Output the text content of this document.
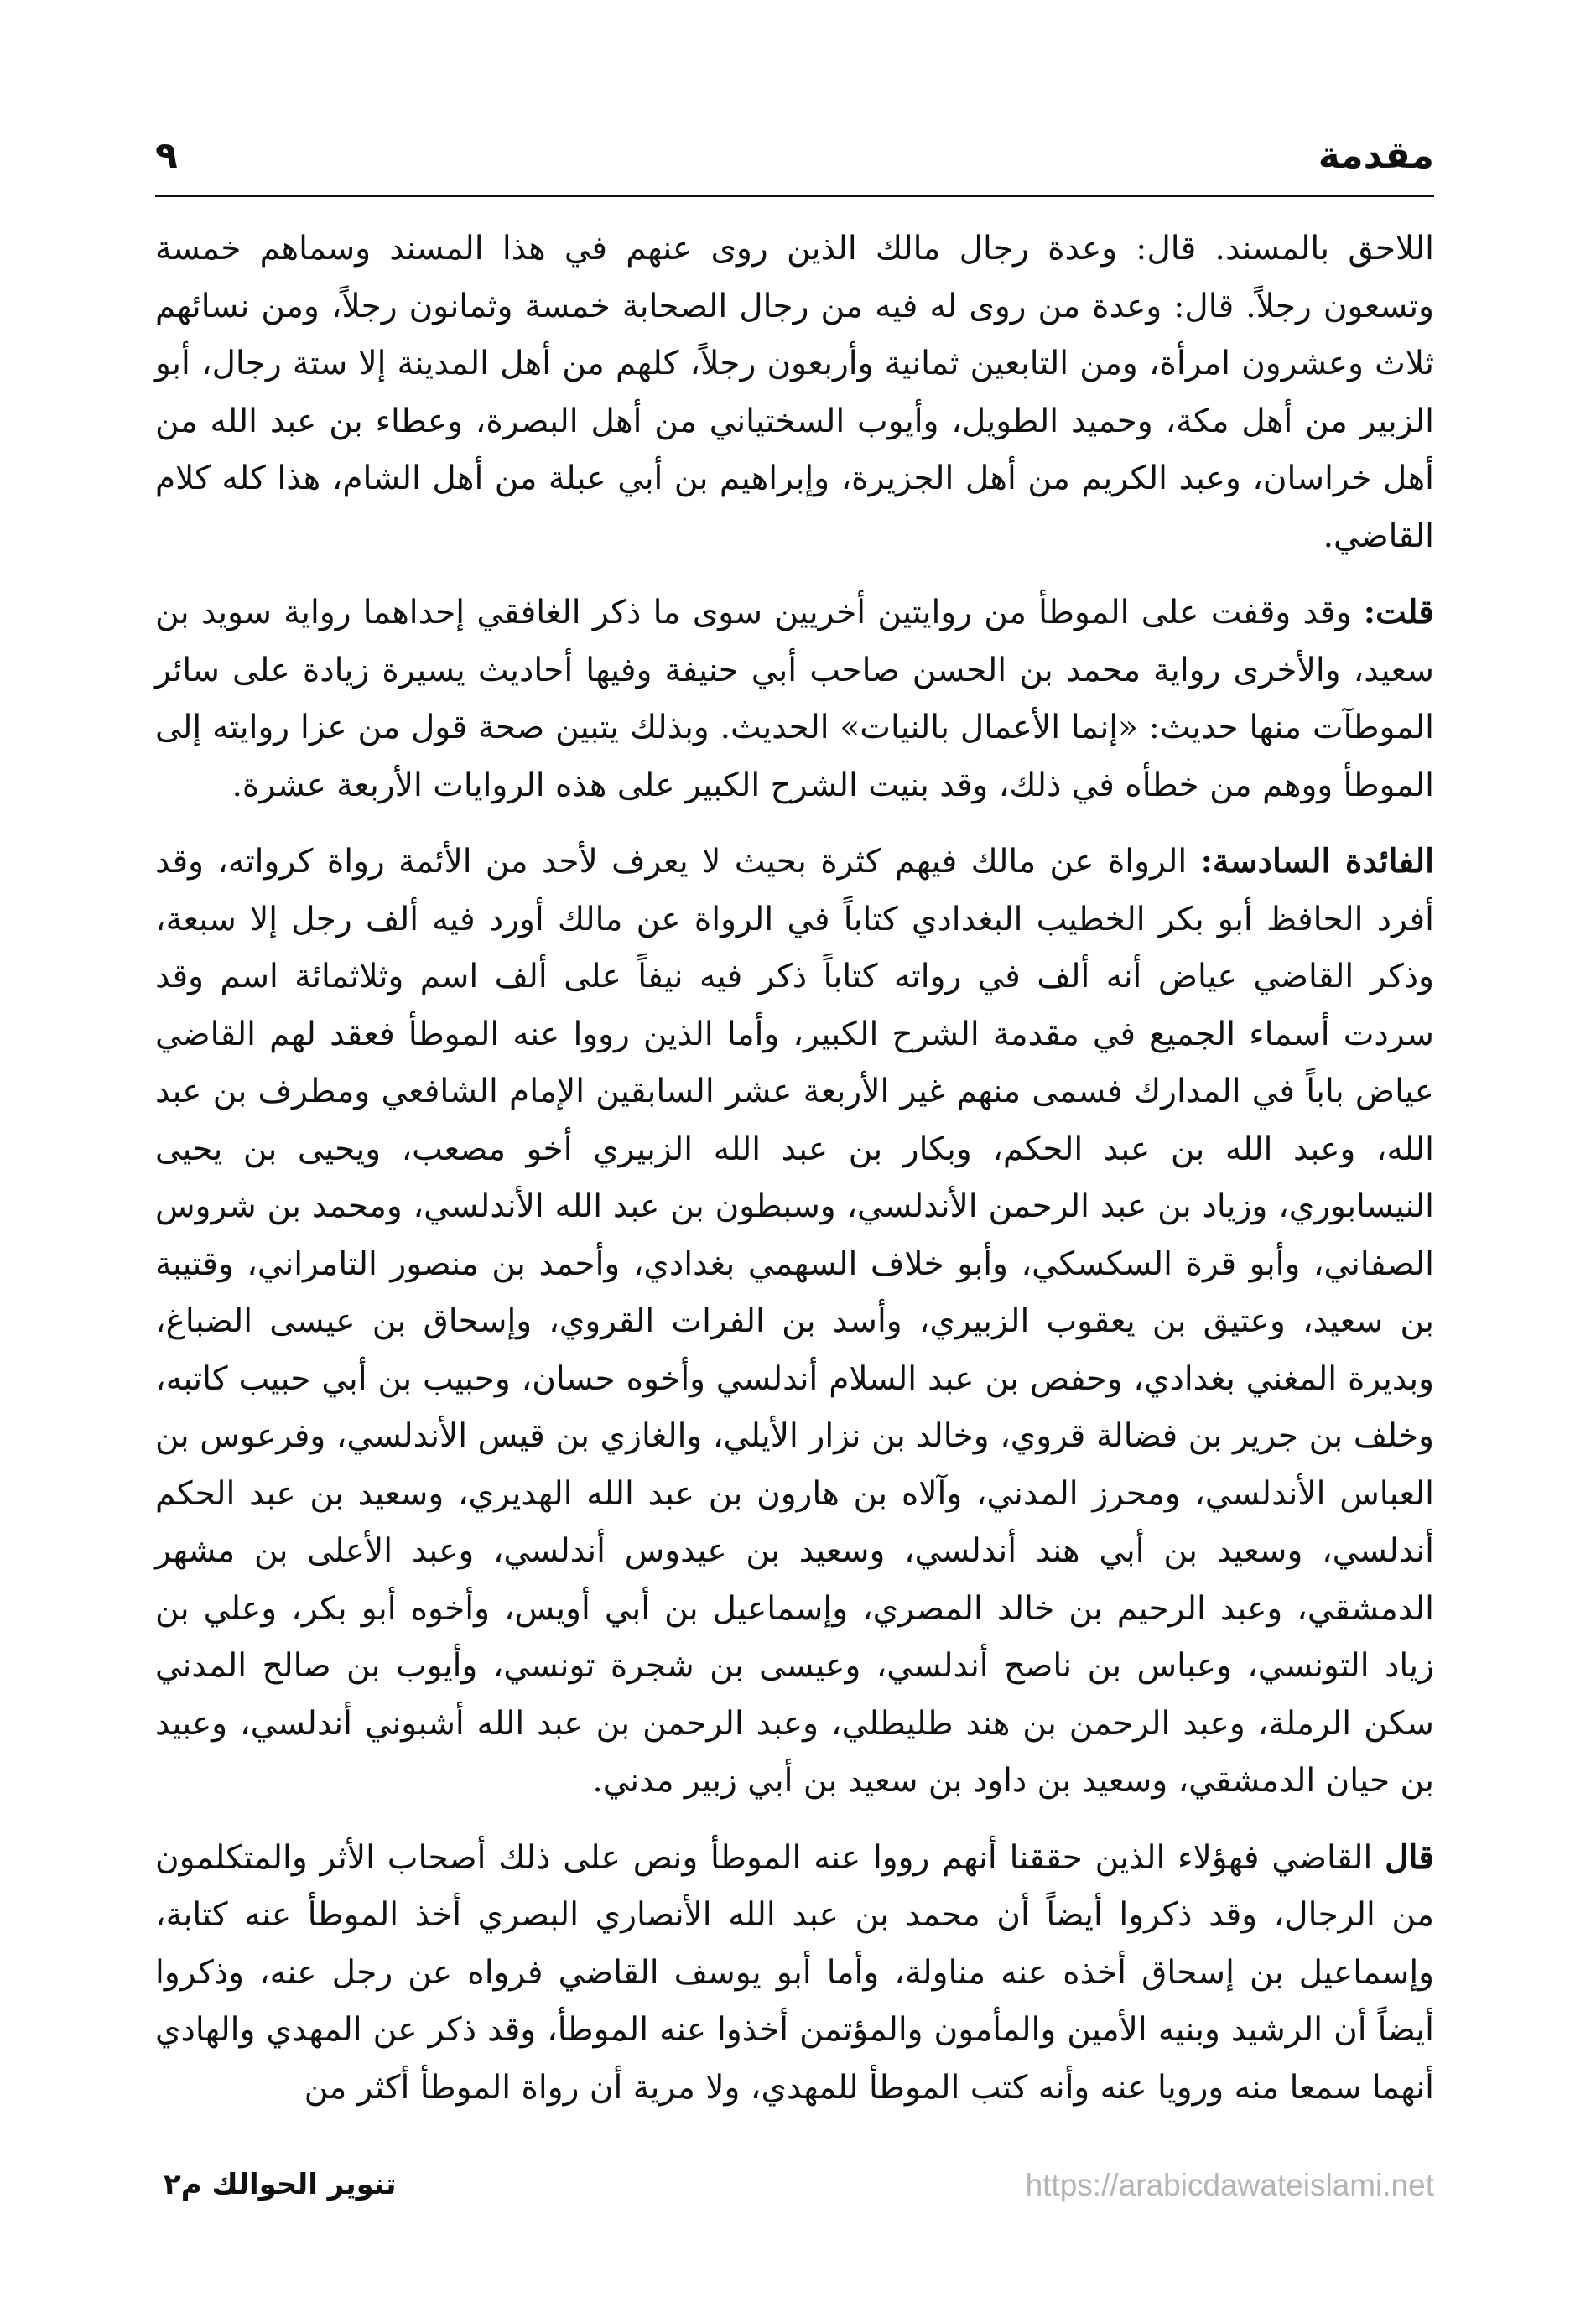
مقدمة
٩

اللاحق بالمسند. قال: وعدة رجال مالك الذين روى عنهم في هذا المسند وسماهم خمسة وتسعون رجلاً. قال: وعدة من روى له فيه من رجال الصحابة خمسة وثمانون رجلاً، ومن نسائهم ثلاث وعشرون امرأة، ومن التابعين ثمانية وأربعون رجلاً، كلهم من أهل المدينة إلا ستة رجال، أبو الزبير من أهل مكة، وحميد الطويل، وأيوب السختياني من أهل البصرة، وعطاء بن عبد الله من أهل خراسان، وعبد الكريم من أهل الجزيرة، وإبراهيم بن أبي عبلة من أهل الشام، هذا كله كلام القاضي.

قلت: وقد وقفت على الموطأ من روايتين أخريين سوى ما ذكر الغافقي إحداهما رواية سويد بن سعيد، والأخرى رواية محمد بن الحسن صاحب أبي حنيفة وفيها أحاديث يسيرة زيادة على سائر الموطآت منها حديث: «إنما الأعمال بالنيات» الحديث. وبذلك يتبين صحة قول من عزا روايته إلى الموطأ ووهم من خطأه في ذلك، وقد بنيت الشرح الكبير على هذه الروايات الأربعة عشرة.

الفائدة السادسة: الرواة عن مالك فيهم كثرة بحيث لا يعرف لأحد من الأئمة رواة كرواته، وقد أفرد الحافظ أبو بكر الخطيب البغدادي كتاباً في الرواة عن مالك أورد فيه ألف رجل إلا سبعة، وذكر القاضي عياض أنه ألف في رواته كتاباً ذكر فيه نيفاً على ألف اسم وثلاثمائة اسم وقد سردت أسماء الجميع في مقدمة الشرح الكبير، وأما الذين رووا عنه الموطأ فعقد لهم القاضي عياض باباً في المدارك فسمى منهم غير الأربعة عشر السابقين الإمام الشافعي ومطرف بن عبد الله، وعبد الله بن عبد الحكم، وبكار بن عبد الله الزبيري أخو مصعب، ويحيى بن يحيى النيسابوري، وزياد بن عبد الرحمن الأندلسي، وسبطون بن عبد الله الأندلسي، ومحمد بن شروس الصفاني، وأبو قرة السكسكي، وأبو خلاف السهمي بغدادي، وأحمد بن منصور التامراني، وقتيبة بن سعيد، وعتيق بن يعقوب الزبيري، وأسد بن الفرات القروي، وإسحاق بن عيسى الضباغ، وبديرة المغني بغدادي، وحفص بن عبد السلام أندلسي وأخوه حسان، وحبيب بن أبي حبيب كاتبه، وخلف بن جرير بن فضالة قروي، وخالد بن نزار الأيلي، والغازي بن قيس الأندلسي، وفرعوس بن العباس الأندلسي، ومحرز المدني، وآلاه بن هارون بن عبد الله الهديري، وسعيد بن عبد الحكم أندلسي، وسعيد بن أبي هند أندلسي، وسعيد بن عيدوس أندلسي، وعبد الأعلى بن مشهر الدمشقي، وعبد الرحيم بن خالد المصري، وإسماعيل بن أبي أويس، وأخوه أبو بكر، وعلي بن زياد التونسي، وعباس بن ناصح أندلسي، وعيسى بن شجرة تونسي، وأيوب بن صالح المدني سكن الرملة، وعبد الرحمن بن هند طليطلي، وعبد الرحمن بن عبد الله أشبوني أندلسي، وعبيد بن حيان الدمشقي، وسعيد بن داود بن سعيد بن أبي زبير مدني.

قال القاضي فهؤلاء الذين حققنا أنهم رووا عنه الموطأ ونص على ذلك أصحاب الأثر والمتكلمون من الرجال، وقد ذكروا أيضاً أن محمد بن عبد الله الأنصاري البصري أخذ الموطأ عنه كتابة، وإسماعيل بن إسحاق أخذه عنه مناولة، وأما أبو يوسف القاضي فرواه عن رجل عنه، وذكروا أيضاً أن الرشيد وبنيه الأمين والمأمون والمؤتمن أخذوا عنه الموطأ، وقد ذكر عن المهدي والهادي أنهما سمعا منه ورويا عنه وأنه كتب الموطأ للمهدي، ولا مرية أن رواة الموطأ أكثر من

تنوير الحوالك م٢	https://arabicdawateislami.net
